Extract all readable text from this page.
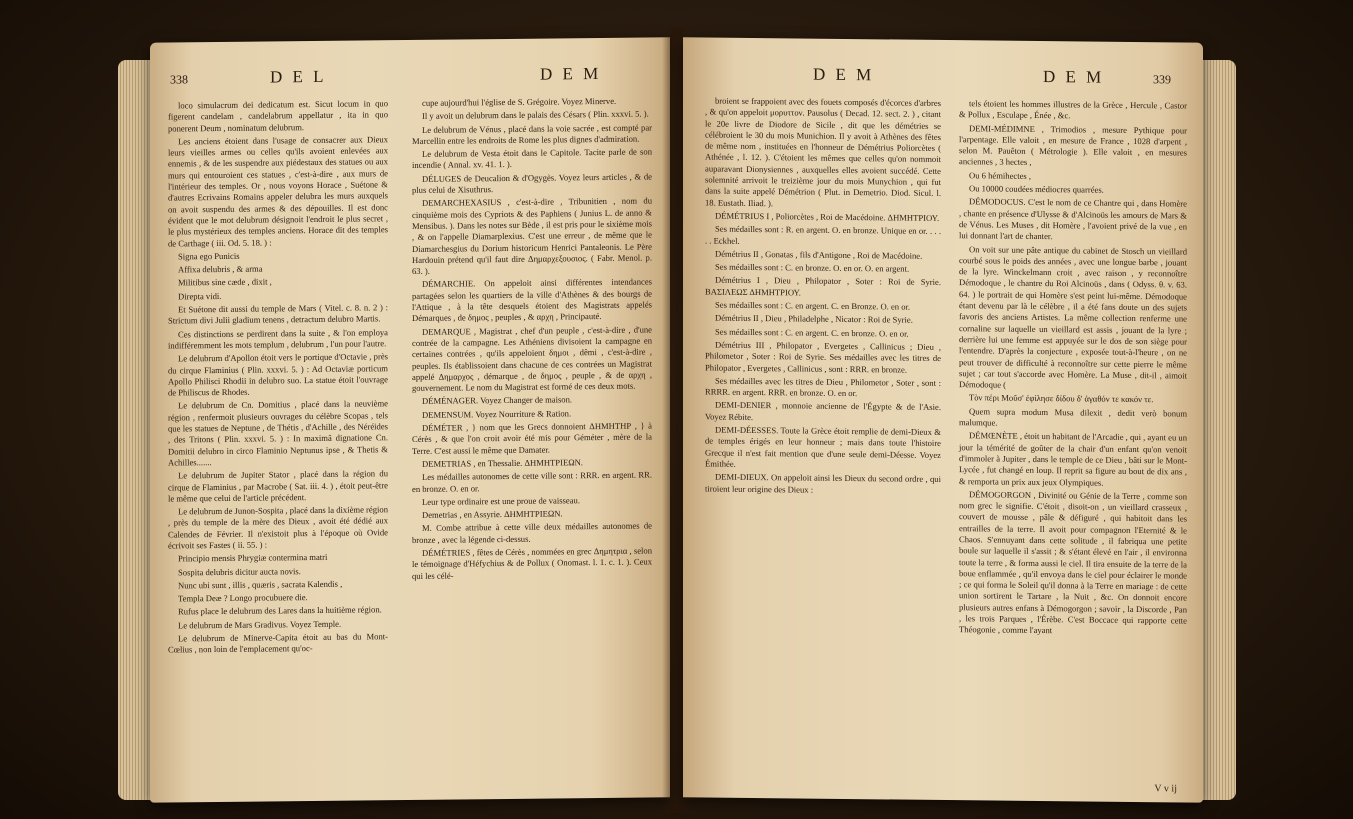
338	D E L	D E M

loco simulacrum dei dedicatum est. Sicut locum in quo figerent candelam , candelabrum appellatur , ita in quo ponerent Deum , nominatum delubrum.

Les anciens étoient dans l'usage de consacrer aux Dieux leurs vieilles armes ou celles qu'ils avoient enlevées aux ennemis , & de les suspendre aux piédestaux des statues ou aux murs qui entouroient ces statues , c'est-à-dire , aux murs de l'intérieur des temples. Or , nous voyons Horace , Suétone & d'autres Ecrivains Romains appeler delubra les murs auxquels on avoit suspendu des armes & des dépouilles. Il est donc évident que le mot delubrum désignoit l'endroit le plus secret , le plus mystérieux des temples anciens. Horace dit des temples de Carthage ( iii. Od. 5. 18. ) :

Signa ego Punicis

Affixa delubris , & arma

Militibus sine cæde , dixit ,

Direpta vidi.

Et Suétone dit aussi du temple de Mars ( Vitel. c. 8. n. 2 ) : Strictum divi Julii gladium tenens , detractum delubro Martis.

Ces distinctions se perdirent dans la suite , & l'on employa indifféremment les mots templum , delubrum , l'un pour l'autre.

Le delubrum d'Apollon étoit vers le portique d'Octavie , près du cirque Flaminius ( Plin. xxxvi. 5. ) : Ad Octaviæ porticum Apollo Philisci Rhodii in delubro suo. La statue étoit l'ouvrage de Philiscus de Rhodes.

Le delubrum de Cn. Domitius , placé dans la neuvième région , renfermoit plusieurs ouvrages du célèbre Scopas , tels que les statues de Neptune , de Thétis , d'Achille , des Néréides , des Tritons ( Plin. xxxvi. 5. ) : In maximâ dignatione Cn. Domitii delubro in circo Flaminio Neptunus ipse , & Thetis & Achilles.......

Le delubrum de Jupiter Stator , placé dans la région du cirque de Flaminius , par Macrobe ( Sat. iii. 4. ) , étoit peut-être le même que celui de l'article précédent.

Le delubrum de Junon-Sospita , placé dans la dixième région , près du temple de la mère des Dieux , avoit été dédié aux Calendes de Février. Il n'existoit plus à l'époque où Ovide écrivoit ses Fastes ( ii. 55. ) :

Principio mensis Phrygiæ contermina matri

Sospita delubris dicitur aucta novis.

Nunc ubi sunt , illis , quæris , sacrata Kalendis ,

Templa Deæ ? Longo procubuere die.

Rufus place le delubrum des Lares dans la huitième région.

Le delubrum de Mars Gradivus. Voyez Temple.

Le delubrum de Minerve-Capita étoit au bas du Mont-Cœlius , non loin de l'emplacement qu'oc-

cupe aujourd'hui l'église de S. Grégoire. Voyez Minerve.

Il y avoit un delubrum dans le palais des Césars ( Plin. xxxvi. 5. ).

Le delubrum de Vénus , placé dans la voie sacrée , est compté par Marcellin entre les endroits de Rome les plus dignes d'admiration.

Le delubrum de Vesta étoit dans le Capitole. Tacite parle de son incendie ( Annal. xv. 41. 1. ).

DÉLUGES de Deucalion & d'Ogygès. Voyez leurs articles , & de plus celui de Xisuthrus.

DEMARCHEXASIUS , c'est-à-dire , Tribunitien , nom du cinquième mois des Cypriots & des Paphiens ( Junius L. de anno & Mensibus. ). Dans les notes sur Bède , il est pris pour le sixième mois , & on l'appelle Diamarplexius. C'est une erreur , de même que le Diamarchesgius du Dorium historicum Henrici Pantaleonis. Le Père Hardouin prétend qu'il faut dire Δημαρχεξουσιος. ( Fabr. Menol. p. 63. ).

DÉMARCHIE. On appeloit ainsi différentes intendances partagées selon les quartiers de la ville d'Athènes & des bourgs de l'Attique , à la tête desquels étoient des Magistrats appelés Démarques , de δημος , peuples , & αρχη , Principauté.

DEMARQUE , Magistrat , chef d'un peuple , c'est-à-dire , d'une contrée de la campagne. Les Athéniens divisoient la campagne en certaines contrées , qu'ils appeloient δημοι , dêmi , c'est-à-dire , peuples. Ils établissoient dans chacune de ces contrées un Magistrat appelé Δημαρχος , démarque , de δημος , peuple , & de αρχη , gouvernement. Le nom du Magistrat est formé de ces deux mots.

DÉMÉNAGER. Voyez Changer de maison.

DEMENSUM. Voyez Nourriture & Ration.

DÉMÉTER , } nom que les Grecs donnoient ΔΗΜΗΤΗΡ , } à Cérès , & que l'on croit avoir été mis pour Géméter , mère de la Terre. C'est aussi le même que Damater.

DEMETRIAS , en Thessalie. ΔΗΜΗΤΡΙΕΩΝ.

Les médailles autonomes de cette ville sont : RRR. en argent. RR. en bronze. O. en or.

Leur type ordinaire est une proue de vaisseau.

Demetrias , en Assyrie. ΔΗΜΗΤΡΙΕΩΝ.

M. Combe attribue à cette ville deux médailles autonomes de bronze , avec la légende ci-dessus.

DÉMÉTRIES , fêtes de Cérès , nommées en grec Δημητρια , selon le témoignage d'Héfychius & de Pollux ( Onomast. l. 1. c. 1. ). Ceux qui les célé-

D E M	D E M	339

broient se frappoient avec des fouets composés d'écorces d'arbres , & qu'on appeloit μορυττον. Pausolus ( Decad. 12. sect. 2. ) , citant le 20e livre de Diodore de Sicile , dit que les démétries se célébroient le 30 du mois Munichion. Il y avoit à Athènes des fêtes de même nom , instituées en l'honneur de Démétrius Poliorcètes ( Athénée , l. 12. ). C'étoient les mêmes que celles qu'on nommoit auparavant Dionysiennes , auxquelles elles avoient succédé. Cette solemnité arrivoit le treizième jour du mois Munychion , qui fut dans la suite appelé Démétrion ( Plut. in Demetrio. Diod. Sicul. l. 18. Eustath. Iliad. ).

DÉMÉTRIUS I , Poliorcètes , Roi de Macédoine. ΔΗΜΗΤΡΙΟΥ.

Ses médailles sont : R. en argent. O. en bronze. Unique en or. . . . . . Eckhel.

Démétrius II , Gonatas , fils d'Antigone , Roi de Macédoine.

Ses médailles sont : C. en bronze. O. en or. O. en argent.

Démétrius I , Dieu , Philopator , Soter : Roi de Syrie. ΒΑΣΙΛΕΩΣ ΔΗΜΗΤΡΙΟΥ.

Ses médailles sont : C. en argent. C. en Bronze. O. en or.

Démétrius II , Dieu , Philadelphe , Nicator : Roi de Syrie.

Ses médailles sont : C. en argent. C. en bronze. O. en or.

Démétrius III , Philopator , Evergetes , Callinicus ; Dieu , Philometor , Soter : Roi de Syrie. Ses médailles avec les titres de Philopator , Evergetes , Callinicus , sont : RRR. en bronze.

Ses médailles avec les titres de Dieu , Philometor , Soter , sont : RRRR. en argent. RRR. en bronze. O. en or.

DEMI-DENIER , monnoie ancienne de l'Égypte & de l'Asie. Voyez Rébite.

DEMI-DÉESSES. Toute la Grèce étoit remplie de demi-Dieux & de temples érigés en leur honneur ; mais dans toute l'histoire Grecque il n'est fait mention que d'une seule demi-Déesse. Voyez Émithée.

DEMI-DIEUX. On appeloit ainsi les Dieux du second ordre , qui tiroient leur origine des Dieux :

tels étoient les hommes illustres de la Grèce , Hercule , Castor & Pollux , Esculape , Énée , &c.

DEMI-MÉDIMNE , Trimodios , mesure Pythique pour l'arpentage. Elle valoit , en mesure de France , 1028 d'arpent , selon M. Pauêton ( Métrologie ). Elle valoit , en mesures anciennes , 3 hectes ,

Ou 6 hémihectes ,

Ou 10000 coudées médiocres quarrées.

DÉMODOCUS. C'est le nom de ce Chantre qui , dans Homère , chante en présence d'Ulysse & d'Alcinoüs les amours de Mars & de Vénus. Les Muses , dit Homère , l'avoient privé de la vue , en lui donnant l'art de chanter.

On voit sur une pâte antique du cabinet de Stosch un vieillard courbé sous le poids des années , avec une longue barbe , jouant de la lyre. Winckelmann croit , avec raison , y reconnoître Démodoque , le chantre du Roi Alcinoüs , dans ( Odyss. θ. v. 63. 64. ) le portrait de qui Homère s'est peint lui-même. Démodoque étant devenu par là le célèbre , il a été fans doute un des sujets favoris des anciens Artistes. La même collection renferme une cornaline sur laquelle un vieillard est assis , jouant de la lyre ; derrière lui une femme est appuyée sur le dos de son siège pour l'entendre. D'après la conjecture , exposée tout-à-l'heure , on ne peut trouver de difficulté à reconnoître sur cette pierre le même sujet ; car tout s'accorde avec Homère. La Muse , dit-il , aimoit Démodoque (

Τὸν πέρι Μοῦσ' ἐφίλησε δίδου δ' ἀγαθόν τε κακόν τε.

Quem supra modum Musa dilexit , dedit verò bonum malumque.

DÉMŒNÈTE , étoit un habitant de l'Arcadie , qui , ayant eu un jour la témérité de goûter de la chair d'un enfant qu'on venoit d'immoler à Jupiter , dans le temple de ce Dieu , bâti sur le Mont-Lycée , fut changé en loup. Il reprit sa figure au bout de dix ans , & remporta un prix aux jeux Olympiques.

DÉMOGORGON , Divinité ou Génie de la Terre , comme son nom grec le signifie. C'étoit , disoit-on , un vieillard crasseux , couvert de mousse , pâle & défiguré , qui habitoit dans les entrailles de la terre. Il avoit pour compagnon l'Eternité & le Chaos. S'ennuyant dans cette solitude , il fabriqua une petite boule sur laquelle il s'assit ; & s'étant élevé en l'air , il environna toute la terre , & forma aussi le ciel. Il tira ensuite de la terre de la boue enflammée , qu'il envoya dans le ciel pour éclairer le monde ; ce qui forma le Soleil qu'il donna à la Terre en mariage : de cette union sortirent le Tartare , la Nuit , &c. On donnoit encore plusieurs autres enfans à Démogorgon ; savoir , la Discorde , Pan , les trois Parques , l'Érèbe. C'est Boccace qui rapporte cette Théogonie , comme l'ayant

V v ij
